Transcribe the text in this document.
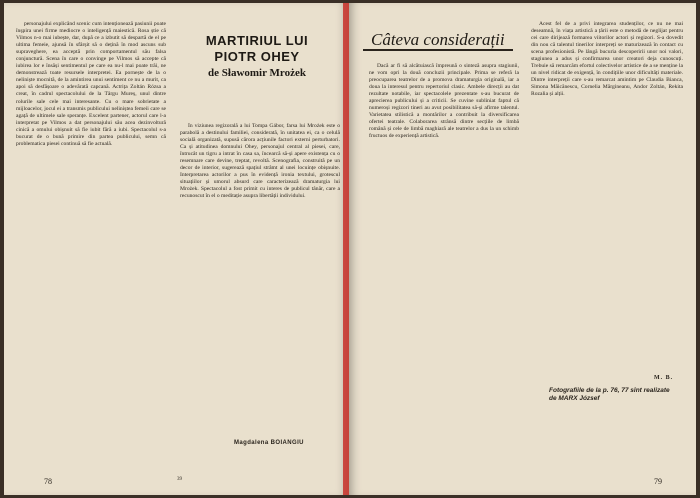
personajului explicând scenic cum intenționează pasiunii poate înșpira unei firme mediocre o inteligență maiestică. Rosa știe că Vilmos n-o mai iubește, dar, după ce a izbutit să despartă de el pe ultima femeie, ajunsă în sfârșit să o dețină în mod ascuns sub supraveghere, ea acceptă prin comportamentul său falsa conjunctură. Scena în care o convinge pe Vilmos să accepte că iubirea lor e însăși sentimentul pe care ea nu-l mai poate trăi, ne demonstrează toate resursele interpretei. Ea pornește de la o neliniște mocnită, de la amintirea unui sentiment ce nu a murit, ca apoi să desfășoare o adevărată capcană. Actrița Zoltán Rózsa a creat, în cadrul spectacolului de la Târgu Mureș, unul dintre rolurile sale cele mai interesante. Cu o mare sobrietate a mijloacelor, jocul ei a transmis publicului neliniștea femeii care se agață de ultimele sale speranțe. Excelent partener, actorul care l-a interpretat pe Vilmos a dat personajului său acea dezinvoltură cinică a omului obișnuit să fie iubit fără a iubi. Spectacolul s-a bucurat de o bună primire din partea publicului, semn că problematica piesei continuă să fie actuală.

MARTIRIUL LUI
PIOTR OHEY
de Sławomir Mrożek

În viziunea regizorală a lui Tompa Gábor, farsa lui Mrożek este o parabolă a destinului familiei, considerată, în unitatea ei, ca o celulă socială organizată, supusă cărora acțiunile factori externi perturbatori. Ca și atitudinea domnului Ohey, personajul central al piesei, care, întrucât un tigru a intrat în casa sa, încearcă să-și apere existența cu o resemnare care devine, treptat, revoltă. Scenografia, construită pe un decor de interior, sugerează spațiul strâmt al unei locuințe obișnuite. Interpretarea actorilor a pus în evidență ironia textului, grotescul situațiilor și umorul absurd care caracterizează dramaturgia lui Mrożek. Spectacolul a fost primit cu interes de publicul tânăr, care a recunoscut în el o meditație asupra libertății individului.

Magdalena BOIANGIU
78	39
Câteva considerații

Dacă ar fi să alcătuiască împreună o sinteză asupra stagiunii, ne vom opri la două concluzii principale. Prima se referă la preocuparea teatrelor de a promova dramaturgia originală, iar a doua la interesul pentru repertoriul clasic. Ambele direcții au dat rezultate notabile, iar spectacolele prezentate s-au bucurat de aprecierea publicului și a criticii. Se cuvine subliniat faptul că numeroși regizori tineri au avut posibilitatea să-și afirme talentul. Varietatea stilistică a montărilor a contribuit la diversificarea ofertei teatrale. Colaborarea strânsă dintre secțiile de limbă română și cele de limbă maghiară ale teatrelor a dus la un schimb fructuos de experiență artistică.

Acest fel de a privi integrarea studenților, ce nu ne mai deseamnă, în viața artistică a țării este o metodă de neglijat pentru cei care dirijează formarea viitorilor actori și regizori. S-a dovedit din nou că talentul tinerilor interpreți se maturizează în contact cu scena profesionistă. Pe lângă bucuria descoperirii unor noi valori, stagiunea a adus și confirmarea unor creatori deja cunoscuți. Trebuie să remarcăm efortul colectivelor artistice de a se menține la un nivel ridicat de exigență, în condițiile unor dificultăți materiale. Dintre interpreții care s-au remarcat amintim pe Claudia Bianca, Simona Măicănescu, Cornelia Mărgineanu, Andor Zoltán, Rekita Rozalia și alții.

M. B.
Fotografiile de la p. 76, 77 sînt realizate de MARX József
79
